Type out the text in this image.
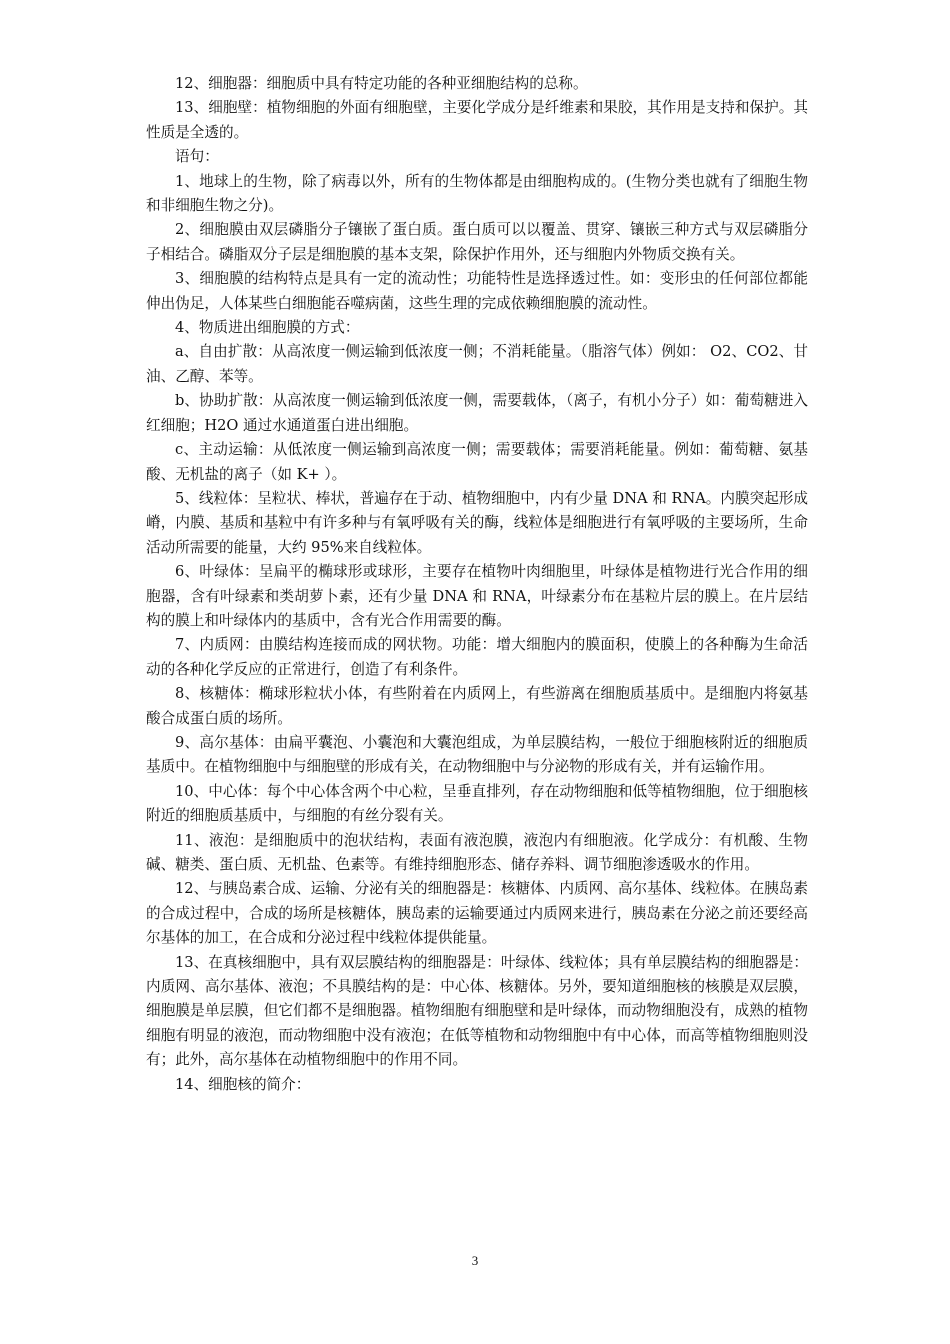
12、细胞器：细胞质中具有特定功能的各种亚细胞结构的总称。

13、细胞壁：植物细胞的外面有细胞壁，主要化学成分是纤维素和果胶，其作用是支持和保护。其性质是全透的。

语句：

1、地球上的生物，除了病毒以外，所有的生物体都是由细胞构成的。(生物分类也就有了细胞生物和非细胞生物之分)。

2、细胞膜由双层磷脂分子镶嵌了蛋白质。蛋白质可以以覆盖、贯穿、镶嵌三种方式与双层磷脂分子相结合。磷脂双分子层是细胞膜的基本支架，除保护作用外，还与细胞内外物质交换有关。

3、细胞膜的结构特点是具有一定的流动性；功能特性是选择透过性。如：变形虫的任何部位都能伸出伪足，人体某些白细胞能吞噬病菌，这些生理的完成依赖细胞膜的流动性。

4、物质进出细胞膜的方式：

a、自由扩散：从高浓度一侧运输到低浓度一侧；不消耗能量。（脂溶气体）例如： O2、CO2、甘油、乙醇、苯等。

b、协助扩散：从高浓度一侧运输到低浓度一侧，需要载体，（离子，有机小分子）如：葡萄糖进入红细胞；H2O 通过水通道蛋白进出细胞。

c、主动运输：从低浓度一侧运输到高浓度一侧；需要载体；需要消耗能量。例如：葡萄糖、氨基酸、无机盐的离子（如 K+ ）。

5、线粒体：呈粒状、棒状，普遍存在于动、植物细胞中，内有少量 DNA 和 RNA。内膜突起形成嵴，内膜、基质和基粒中有许多种与有氧呼吸有关的酶，线粒体是细胞进行有氧呼吸的主要场所，生命活动所需要的能量，大约 95%来自线粒体。

6、叶绿体：呈扁平的椭球形或球形，主要存在植物叶肉细胞里，叶绿体是植物进行光合作用的细胞器，含有叶绿素和类胡萝卜素，还有少量 DNA 和 RNA，叶绿素分布在基粒片层的膜上。在片层结构的膜上和叶绿体内的基质中，含有光合作用需要的酶。

7、内质网：由膜结构连接而成的网状物。功能：增大细胞内的膜面积，使膜上的各种酶为生命活动的各种化学反应的正常进行，创造了有利条件。

8、核糖体：椭球形粒状小体，有些附着在内质网上，有些游离在细胞质基质中。是细胞内将氨基酸合成蛋白质的场所。

9、高尔基体：由扁平囊泡、小囊泡和大囊泡组成，为单层膜结构，一般位于细胞核附近的细胞质基质中。在植物细胞中与细胞壁的形成有关，在动物细胞中与分泌物的形成有关，并有运输作用。

10、中心体：每个中心体含两个中心粒，呈垂直排列，存在动物细胞和低等植物细胞，位于细胞核附近的细胞质基质中，与细胞的有丝分裂有关。

11、液泡：是细胞质中的泡状结构，表面有液泡膜，液泡内有细胞液。化学成分：有机酸、生物碱、糖类、蛋白质、无机盐、色素等。有维持细胞形态、储存养料、调节细胞渗透吸水的作用。

12、与胰岛素合成、运输、分泌有关的细胞器是：核糖体、内质网、高尔基体、线粒体。在胰岛素的合成过程中，合成的场所是核糖体，胰岛素的运输要通过内质网来进行，胰岛素在分泌之前还要经高尔基体的加工，在合成和分泌过程中线粒体提供能量。

13、在真核细胞中，具有双层膜结构的细胞器是：叶绿体、线粒体；具有单层膜结构的细胞器是：内质网、高尔基体、液泡；不具膜结构的是：中心体、核糖体。另外，要知道细胞核的核膜是双层膜，细胞膜是单层膜，但它们都不是细胞器。植物细胞有细胞壁和是叶绿体，而动物细胞没有，成熟的植物细胞有明显的液泡，而动物细胞中没有液泡；在低等植物和动物细胞中有中心体，而高等植物细胞则没有；此外，高尔基体在动植物细胞中的作用不同。

14、细胞核的简介：

3
